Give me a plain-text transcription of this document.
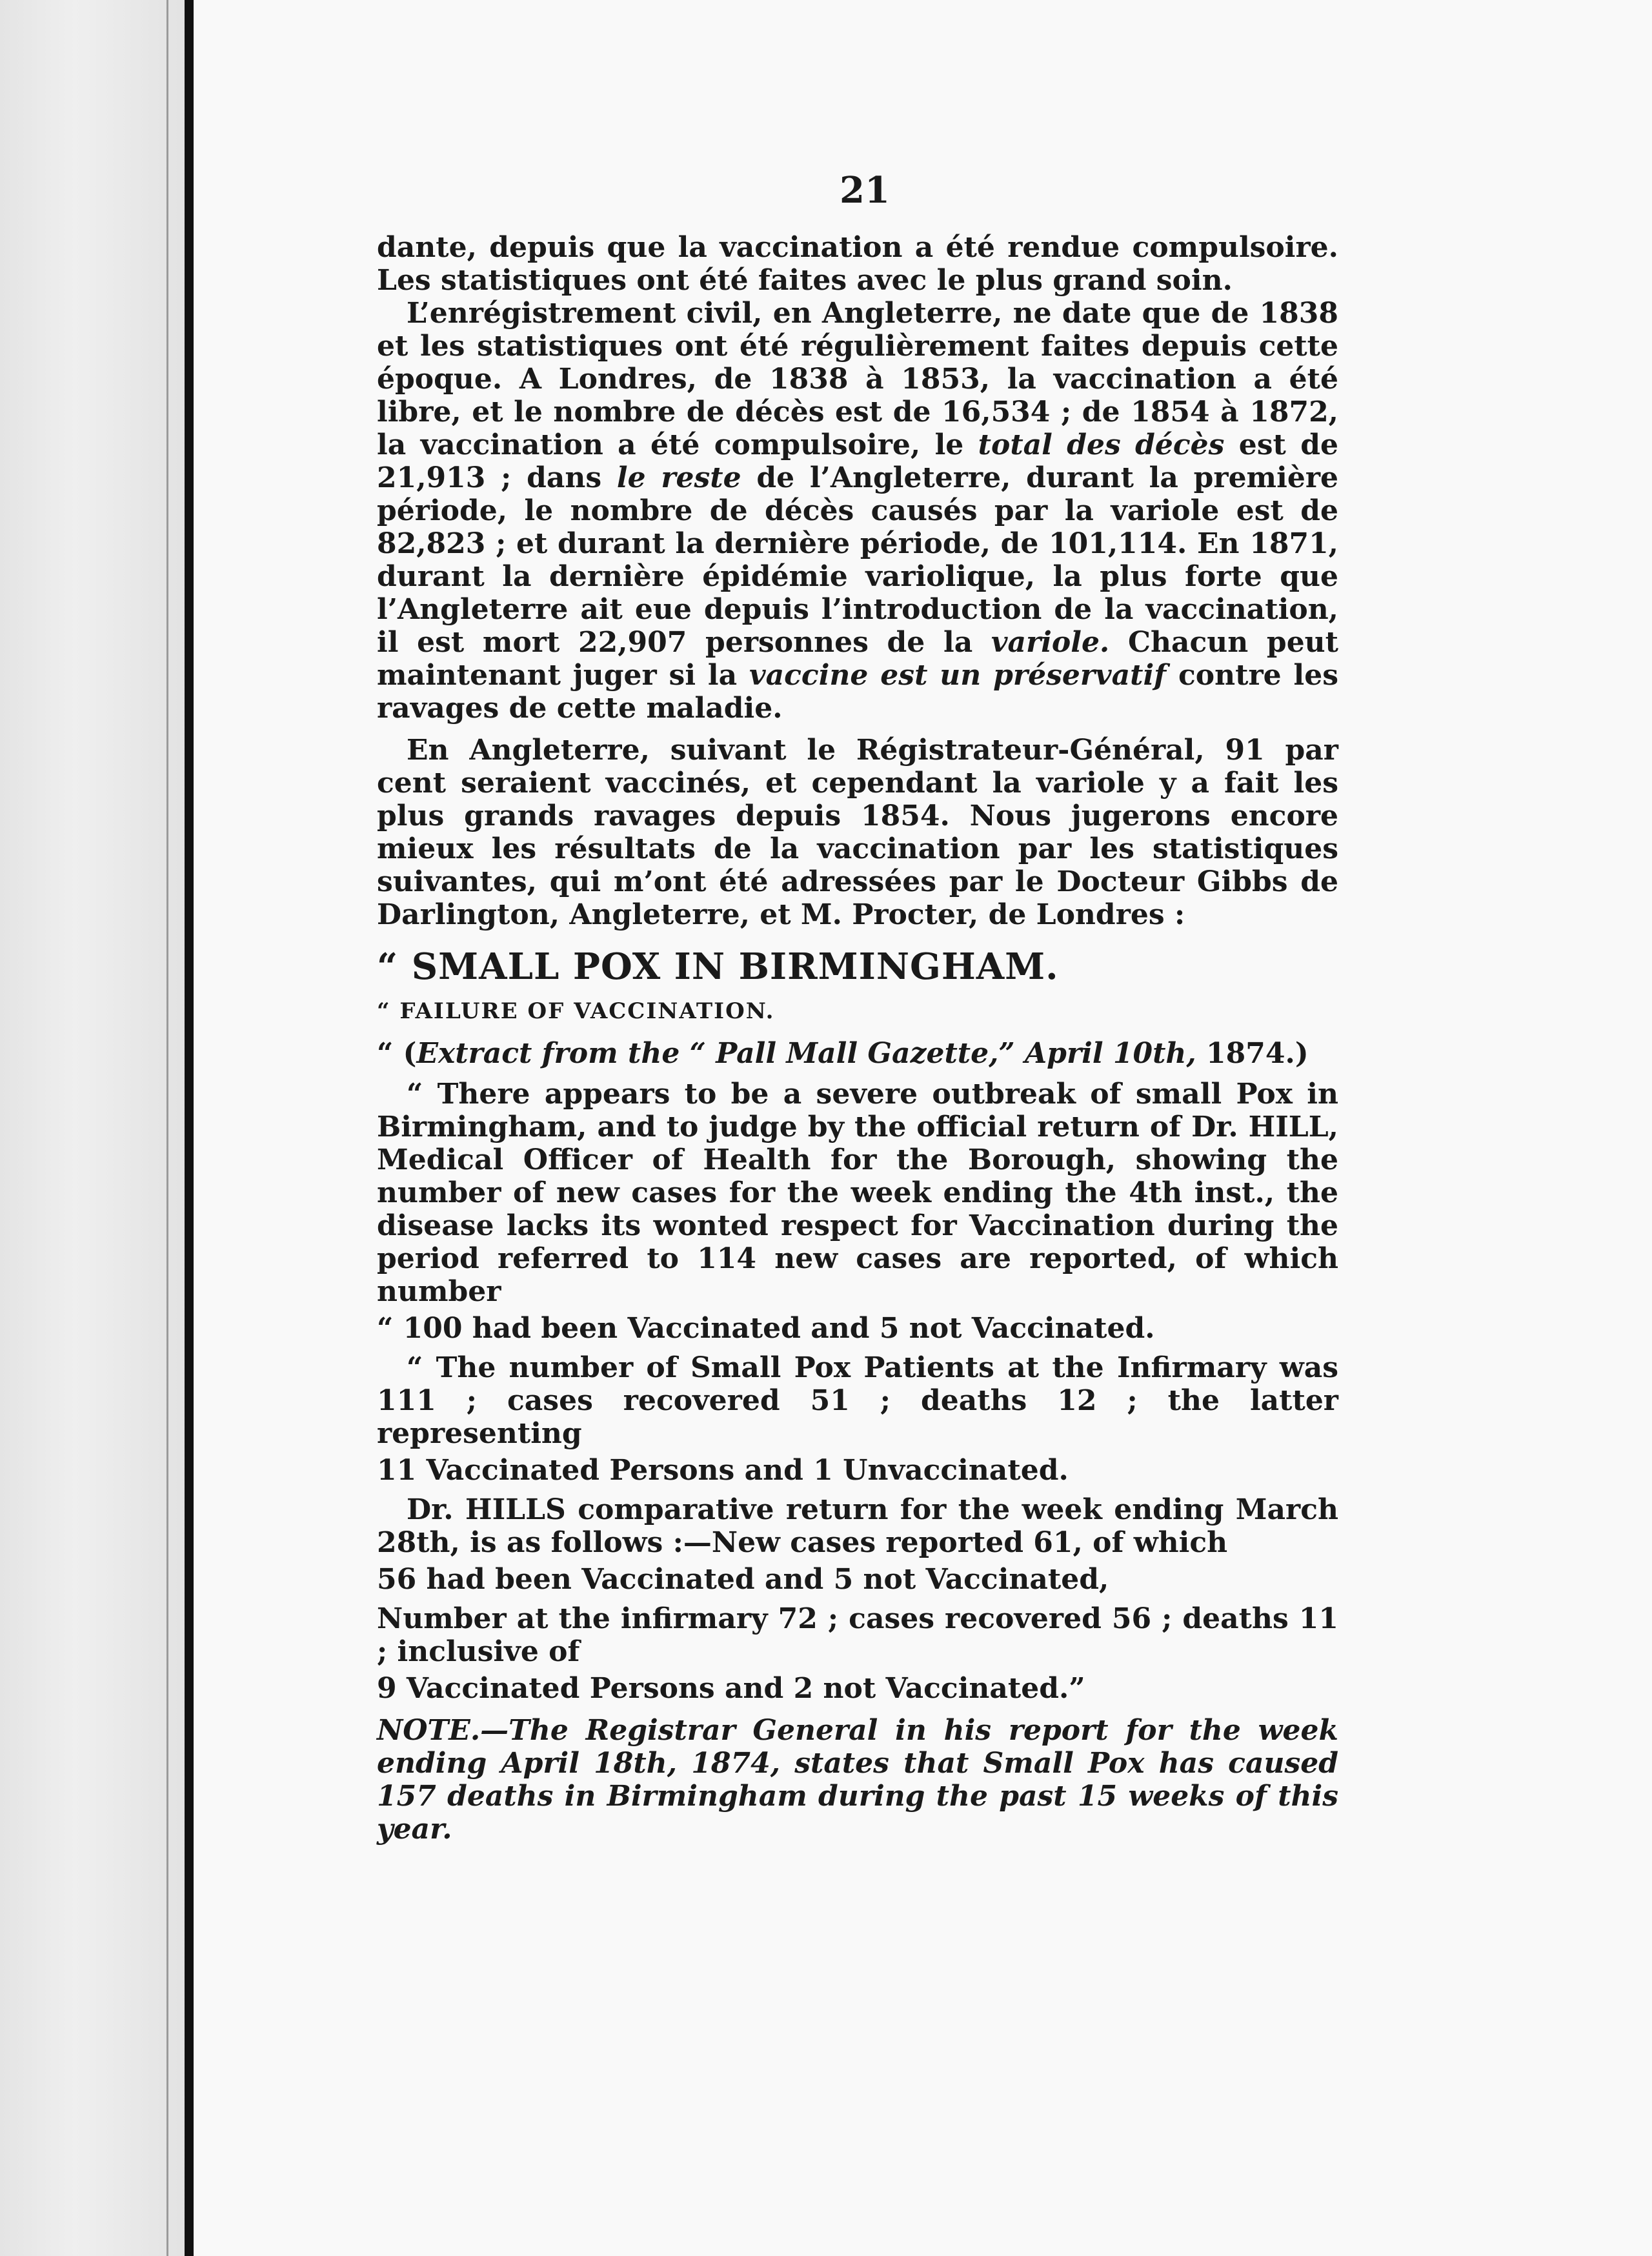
21

dante, depuis que la vaccination a été rendue compulsoire. Les statistiques ont été faites avec le plus grand soin.

L’enrégistrement civil, en Angleterre, ne date que de 1838 et les statistiques ont été régulièrement faites depuis cette époque. A Londres, de 1838 à 1853, la vaccination a été libre, et le nombre de décès est de 16,534 ; de 1854 à 1872, la vaccination a été compulsoire, le total des décès est de 21,913 ; dans le reste de l’Angleterre, durant la première période, le nombre de décès causés par la variole est de 82,823 ; et durant la dernière période, de 101,114. En 1871, durant la dernière épidémie variolique, la plus forte que l’Angleterre ait eue depuis l’introduction de la vaccination, il est mort 22,907 personnes de la variole. Chacun peut maintenant juger si la vaccine est un préservatif contre les ravages de cette maladie.

En Angleterre, suivant le Régistrateur-Général, 91 par cent seraient vaccinés, et cependant la variole y a fait les plus grands ravages depuis 1854. Nous jugerons encore mieux les résultats de la vaccination par les statistiques suivantes, qui m’ont été adressées par le Docteur Gibbs de Darlington, Angleterre, et M. Procter, de Londres :

“ SMALL POX IN BIRMINGHAM.

“ FAILURE OF VACCINATION.

“ (Extract from the “ Pall Mall Gazette,” April 10th, 1874.)

“ There appears to be a severe outbreak of small Pox in Birmingham, and to judge by the official return of Dr. HILL, Medical Officer of Health for the Borough, showing the number of new cases for the week ending the 4th inst., the disease lacks its wonted respect for Vaccination during the period referred to 114 new cases are reported, of which number

“ 100 had been Vaccinated and 5 not Vaccinated.

“ The number of Small Pox Patients at the Infirmary was 111 ; cases recovered 51 ; deaths 12 ; the latter representing

11 Vaccinated Persons and 1 Unvaccinated.

Dr. HILLS comparative return for the week ending March 28th, is as follows :—New cases reported 61, of which

56 had been Vaccinated and 5 not Vaccinated,

Number at the infirmary 72 ; cases recovered 56 ; deaths 11 ; inclusive of

9 Vaccinated Persons and 2 not Vaccinated.”

NOTE.—The Registrar General in his report for the week ending April 18th, 1874, states that Small Pox has caused 157 deaths in Birmingham during the past 15 weeks of this year.
